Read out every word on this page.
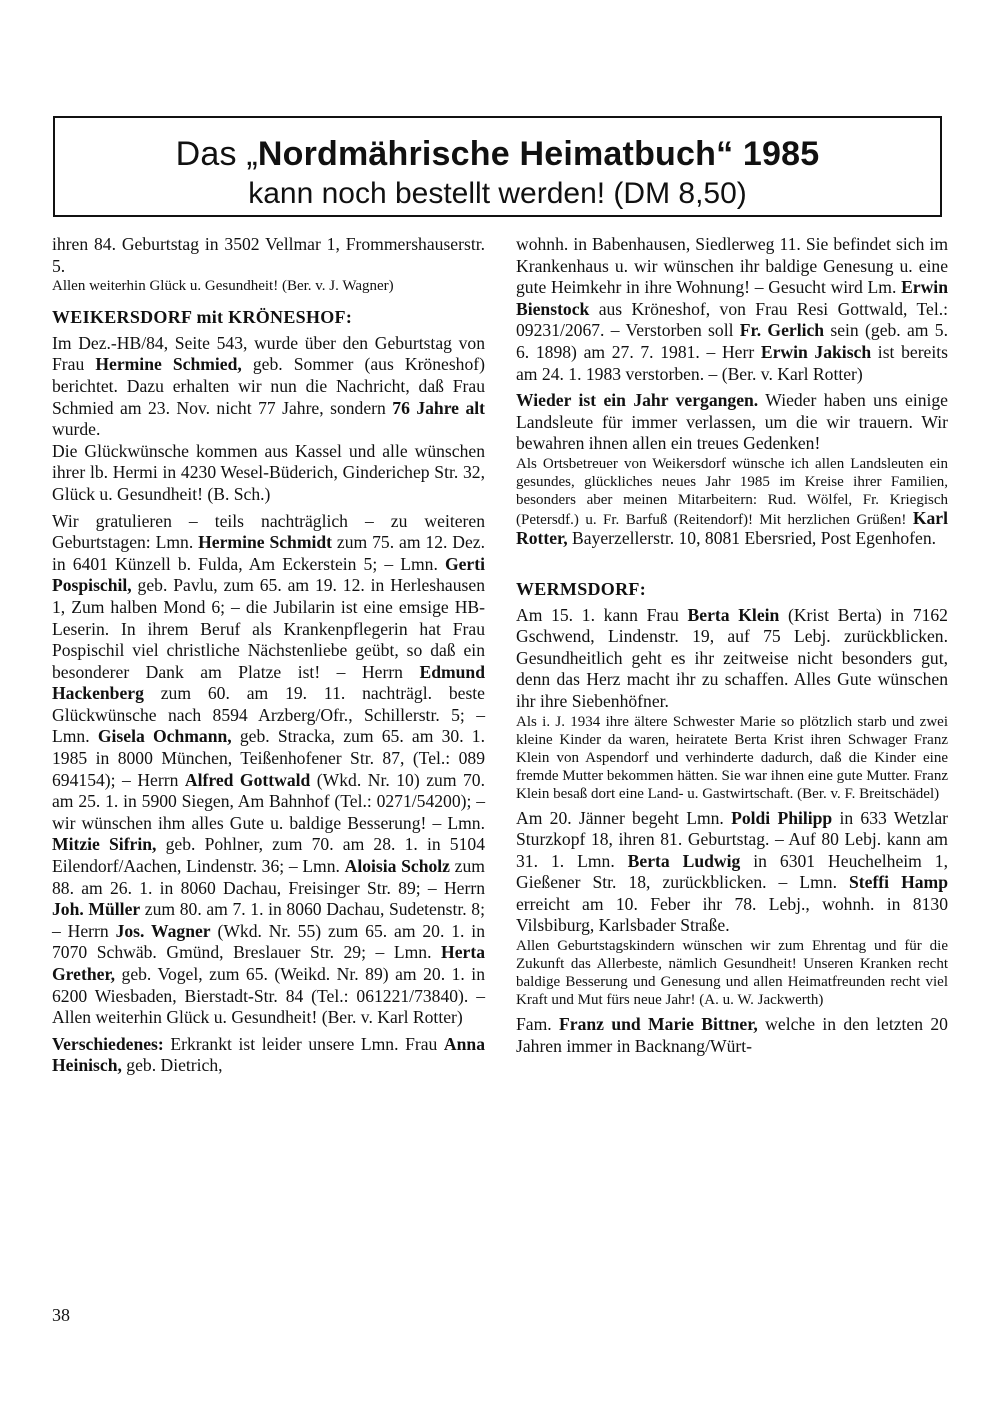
Das „Nordmährische Heimatbuch“ 1985
kann noch bestellt werden! (DM 8,50)

ihren 84. Geburtstag in 3502 Vellmar 1, Frommershauserstr. 5.

Allen weiterhin Glück u. Gesundheit! (Ber. v. J. Wagner)

WEIKERSDORF mit KRÖNESHOF:

Im Dez.-HB/84, Seite 543, wurde über den Geburtstag von Frau Hermine Schmied, geb. Sommer (aus Kröneshof) berichtet. Dazu erhalten wir nun die Nachricht, daß Frau Schmied am 23. Nov. nicht 77 Jahre, sondern 76 Jahre alt wurde.

Die Glückwünsche kommen aus Kassel und alle wünschen ihrer lb. Hermi in 4230 Wesel-Büderich, Ginderichер Str. 32, Glück u. Gesundheit! (B. Sch.)

Wir gratulieren – teils nachträglich – zu weiteren Geburtstagen: Lmn. Hermine Schmidt zum 75. am 12. Dez. in 6401 Künzell b. Fulda, Am Eckerstein 5; – Lmn. Gerti Pospischil, geb. Pavlu, zum 65. am 19. 12. in Herleshausen 1, Zum halben Mond 6; – die Jubilarin ist eine emsige HB-Leserin. In ihrem Beruf als Krankenpflegerin hat Frau Pospischil viel christliche Nächstenliebe geübt, so daß ein besonderer Dank am Platze ist! – Herrn Edmund Hackenberg zum 60. am 19. 11. nachträgl. beste Glückwünsche nach 8594 Arzberg/Ofr., Schillerstr. 5; – Lmn. Gisela Ochmann, geb. Stracka, zum 65. am 30. 1. 1985 in 8000 München, Teißenhofener Str. 87, (Tel.: 089 694154); – Herrn Alfred Gottwald (Wkd. Nr. 10) zum 70. am 25. 1. in 5900 Siegen, Am Bahnhof (Tel.: 0271/54200); – wir wünschen ihm alles Gute u. baldige Besserung! – Lmn. Mitzie Sifrin, geb. Pohlner, zum 70. am 28. 1. in 5104 Eilendorf/Aachen, Lindenstr. 36; – Lmn. Aloisia Scholz zum 88. am 26. 1. in 8060 Dachau, Freisinger Str. 89; – Herrn Joh. Müller zum 80. am 7. 1. in 8060 Dachau, Sudetenstr. 8; – Herrn Jos. Wagner (Wkd. Nr. 55) zum 65. am 20. 1. in 7070 Schwäb. Gmünd, Breslauer Str. 29; – Lmn. Herta Grether, geb. Vogel, zum 65. (Weikd. Nr. 89) am 20. 1. in 6200 Wiesbaden, Bierstadt-Str. 84 (Tel.: 061221/73840). – Allen weiterhin Glück u. Gesundheit! (Ber. v. Karl Rotter)

Verschiedenes: Erkrankt ist leider unsere Lmn. Frau Anna Heinisch, geb. Dietrich,

wohnh. in Babenhausen, Siedlerweg 11. Sie befindet sich im Krankenhaus u. wir wünschen ihr baldige Genesung u. eine gute Heimkehr in ihre Wohnung! – Gesucht wird Lm. Erwin Bienstock aus Kröneshof, von Frau Resi Gottwald, Tel.: 09231/2067. – Verstorben soll Fr. Gerlich sein (geb. am 5. 6. 1898) am 27. 7. 1981. – Herr Erwin Jakisch ist bereits am 24. 1. 1983 verstorben. – (Ber. v. Karl Rotter)

Wieder ist ein Jahr vergangen. Wieder haben uns einige Landsleute für immer verlassen, um die wir trauern. Wir bewahren ihnen allen ein treues Gedenken!

Als Ortsbetreuer von Weikersdorf wünsche ich allen Landsleuten ein gesundes, glückliches neues Jahr 1985 im Kreise ihrer Familien, besonders aber meinen Mitarbeitern: Rud. Wölfel, Fr. Kriegisch (Petersdf.) u. Fr. Barfuß (Reitendorf)! Mit herzlichen Grüßen! Karl Rotter, Bayerzellerstr. 10, 8081 Ebersried, Post Egenhofen.

WERMSDORF:

Am 15. 1. kann Frau Berta Klein (Krist Berta) in 7162 Gschwend, Lindenstr. 19, auf 75 Lebj. zurückblicken. Gesundheitlich geht es ihr zeitweise nicht besonders gut, denn das Herz macht ihr zu schaffen. Alles Gute wünschen ihr ihre Siebenhöfner.

Als i. J. 1934 ihre ältere Schwester Marie so plötzlich starb und zwei kleine Kinder da waren, heiratete Berta Krist ihren Schwager Franz Klein von Aspendorf und verhinderte dadurch, daß die Kinder eine fremde Mutter bekommen hätten. Sie war ihnen eine gute Mutter. Franz Klein besaß dort eine Land- u. Gastwirtschaft. (Ber. v. F. Breitschädel)

Am 20. Jänner begeht Lmn. Poldi Philipp in 633 Wetzlar Sturzkopf 18, ihren 81. Geburtstag. – Auf 80 Lebj. kann am 31. 1. Lmn. Berta Ludwig in 6301 Heuchelheim 1, Gießener Str. 18, zurückblicken. – Lmn. Steffi Hamp erreicht am 10. Feber ihr 78. Lebj., wohnh. in 8130 Vilsbiburg, Karlsbader Straße.

Allen Geburtstagskindern wünschen wir zum Ehrentag und für die Zukunft das Allerbeste, nämlich Gesundheit! Unseren Kranken recht baldige Besserung und Genesung und allen Heimatfreunden recht viel Kraft und Mut fürs neue Jahr! (A. u. W. Jackwerth)

Fam. Franz und Marie Bittner, welche in den letzten 20 Jahren immer in Backnang/Würt-

38
